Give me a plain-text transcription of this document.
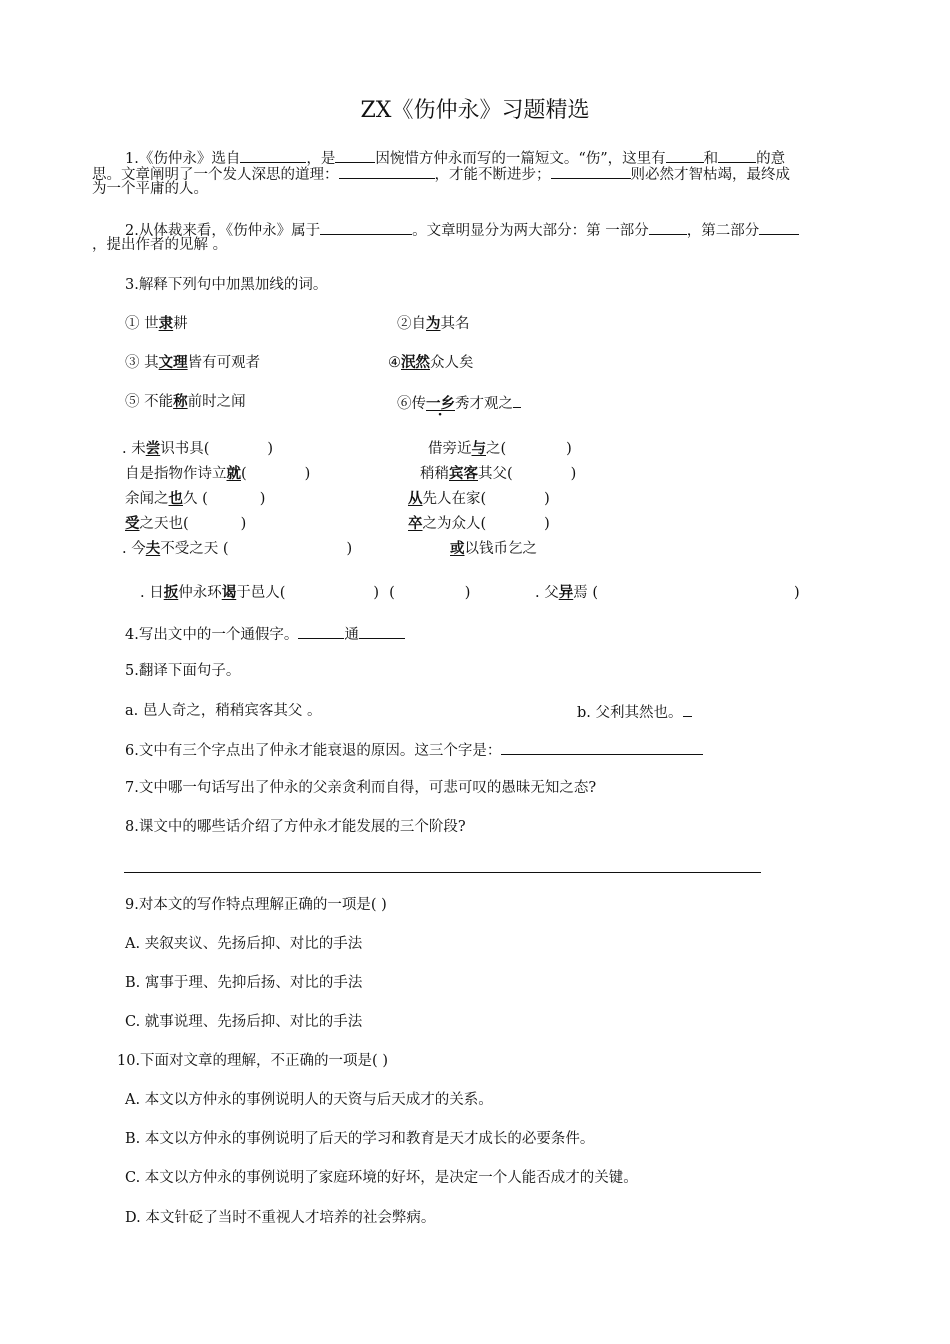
ZX《伤仲永》习题精选
1.《伤仲永》选自	，是	因惋惜方仲永而写的一篇短文。“伤”，这里有	和	的意
思。文章阐明了一个发人深思的道理：	，才能不断进步；	则必然才智枯竭，最终成
为一个平庸的人。
2.从体裁来看，《伤仲永》属于	。文章明显分为两大部分：第 一部分	，第二部分
，提出作者的见解 。
3.解释下列句中加黑加线的词。
① 世隶耕	②自为其名
③ 其文理皆有可观者	④泯然众人矣
⑤ 不能称前时之闻	⑥传一乡秀才观之
. 未尝识书具(	)	借旁近与之(	)
自是指物作诗立就(	)	稍稍宾客其父(	)
余闻之也久 (	)	从先人在家(	)
受之天也(	)	卒之为众人(	)
. 今夫不受之天 (	)	或以钱币乞之
. 日扳仲永环谒于邑人(	) (	)	. 父异焉 (	)
4.写出文中的一个通假字。	通
5.翻译下面句子。
a. 邑人奇之，稍稍宾客其父 。	b. 父利其然也。
6.文中有三个字点出了仲永才能衰退的原因。这三个字是：
7.文中哪一句话写出了仲永的父亲贪利而自得，可悲可叹的愚昧无知之态?
8.课文中的哪些话介绍了方仲永才能发展的三个阶段?
9.对本文的写作特点理解正确的一项是( )
A. 夹叙夹议、先扬后抑、对比的手法
B. 寓事于理、先抑后扬、对比的手法
C. 就事说理、先扬后抑、对比的手法
10.下面对文章的理解，不正确的一项是( )
A. 本文以方仲永的事例说明人的天资与后天成才的关系。
B. 本文以方仲永的事例说明了后天的学习和教育是天才成长的必要条件。
C. 本文以方仲永的事例说明了家庭环境的好坏，是决定一个人能否成才的关键。
D. 本文针砭了当时不重视人才培养的社会弊病。
